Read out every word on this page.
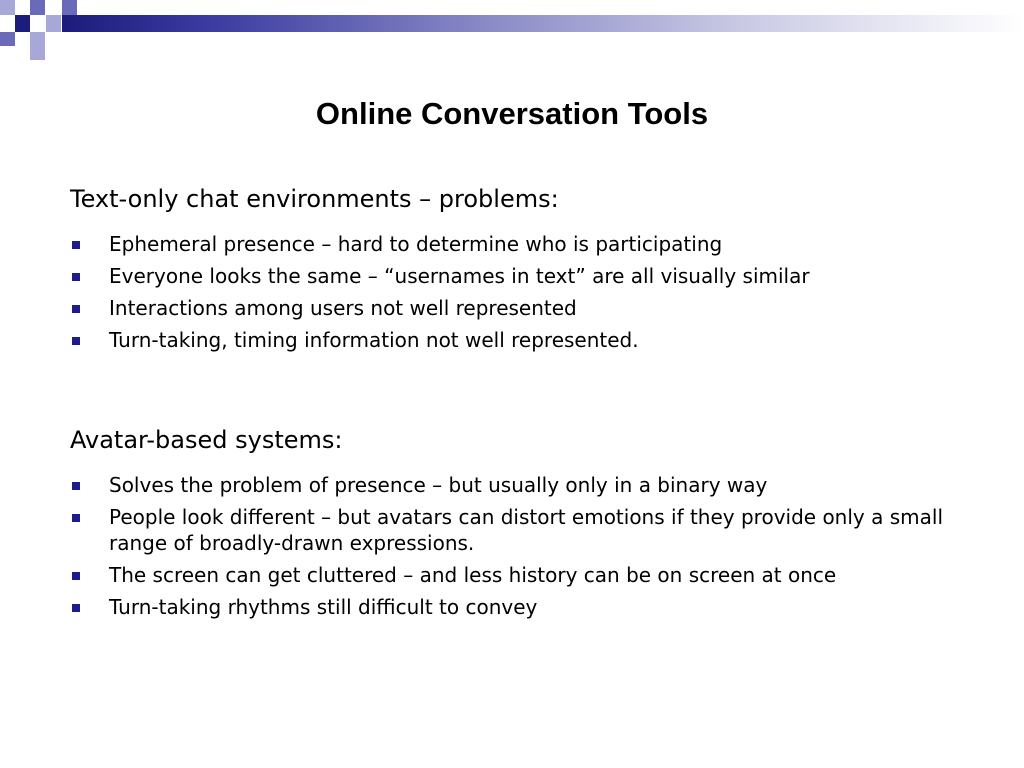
Online Conversation Tools
Text-only chat environments – problems:
Ephemeral presence – hard to determine who is participating
Everyone looks the same – “usernames in text” are all visually similar
Interactions among users not well represented
Turn-taking, timing information not well represented.
Avatar-based systems:
Solves the problem of presence – but usually only in a binary way
People look different – but avatars can distort emotions if they provide only a small range of broadly-drawn expressions.
The screen can get cluttered – and less history can be on screen at once
Turn-taking rhythms still difficult to convey
